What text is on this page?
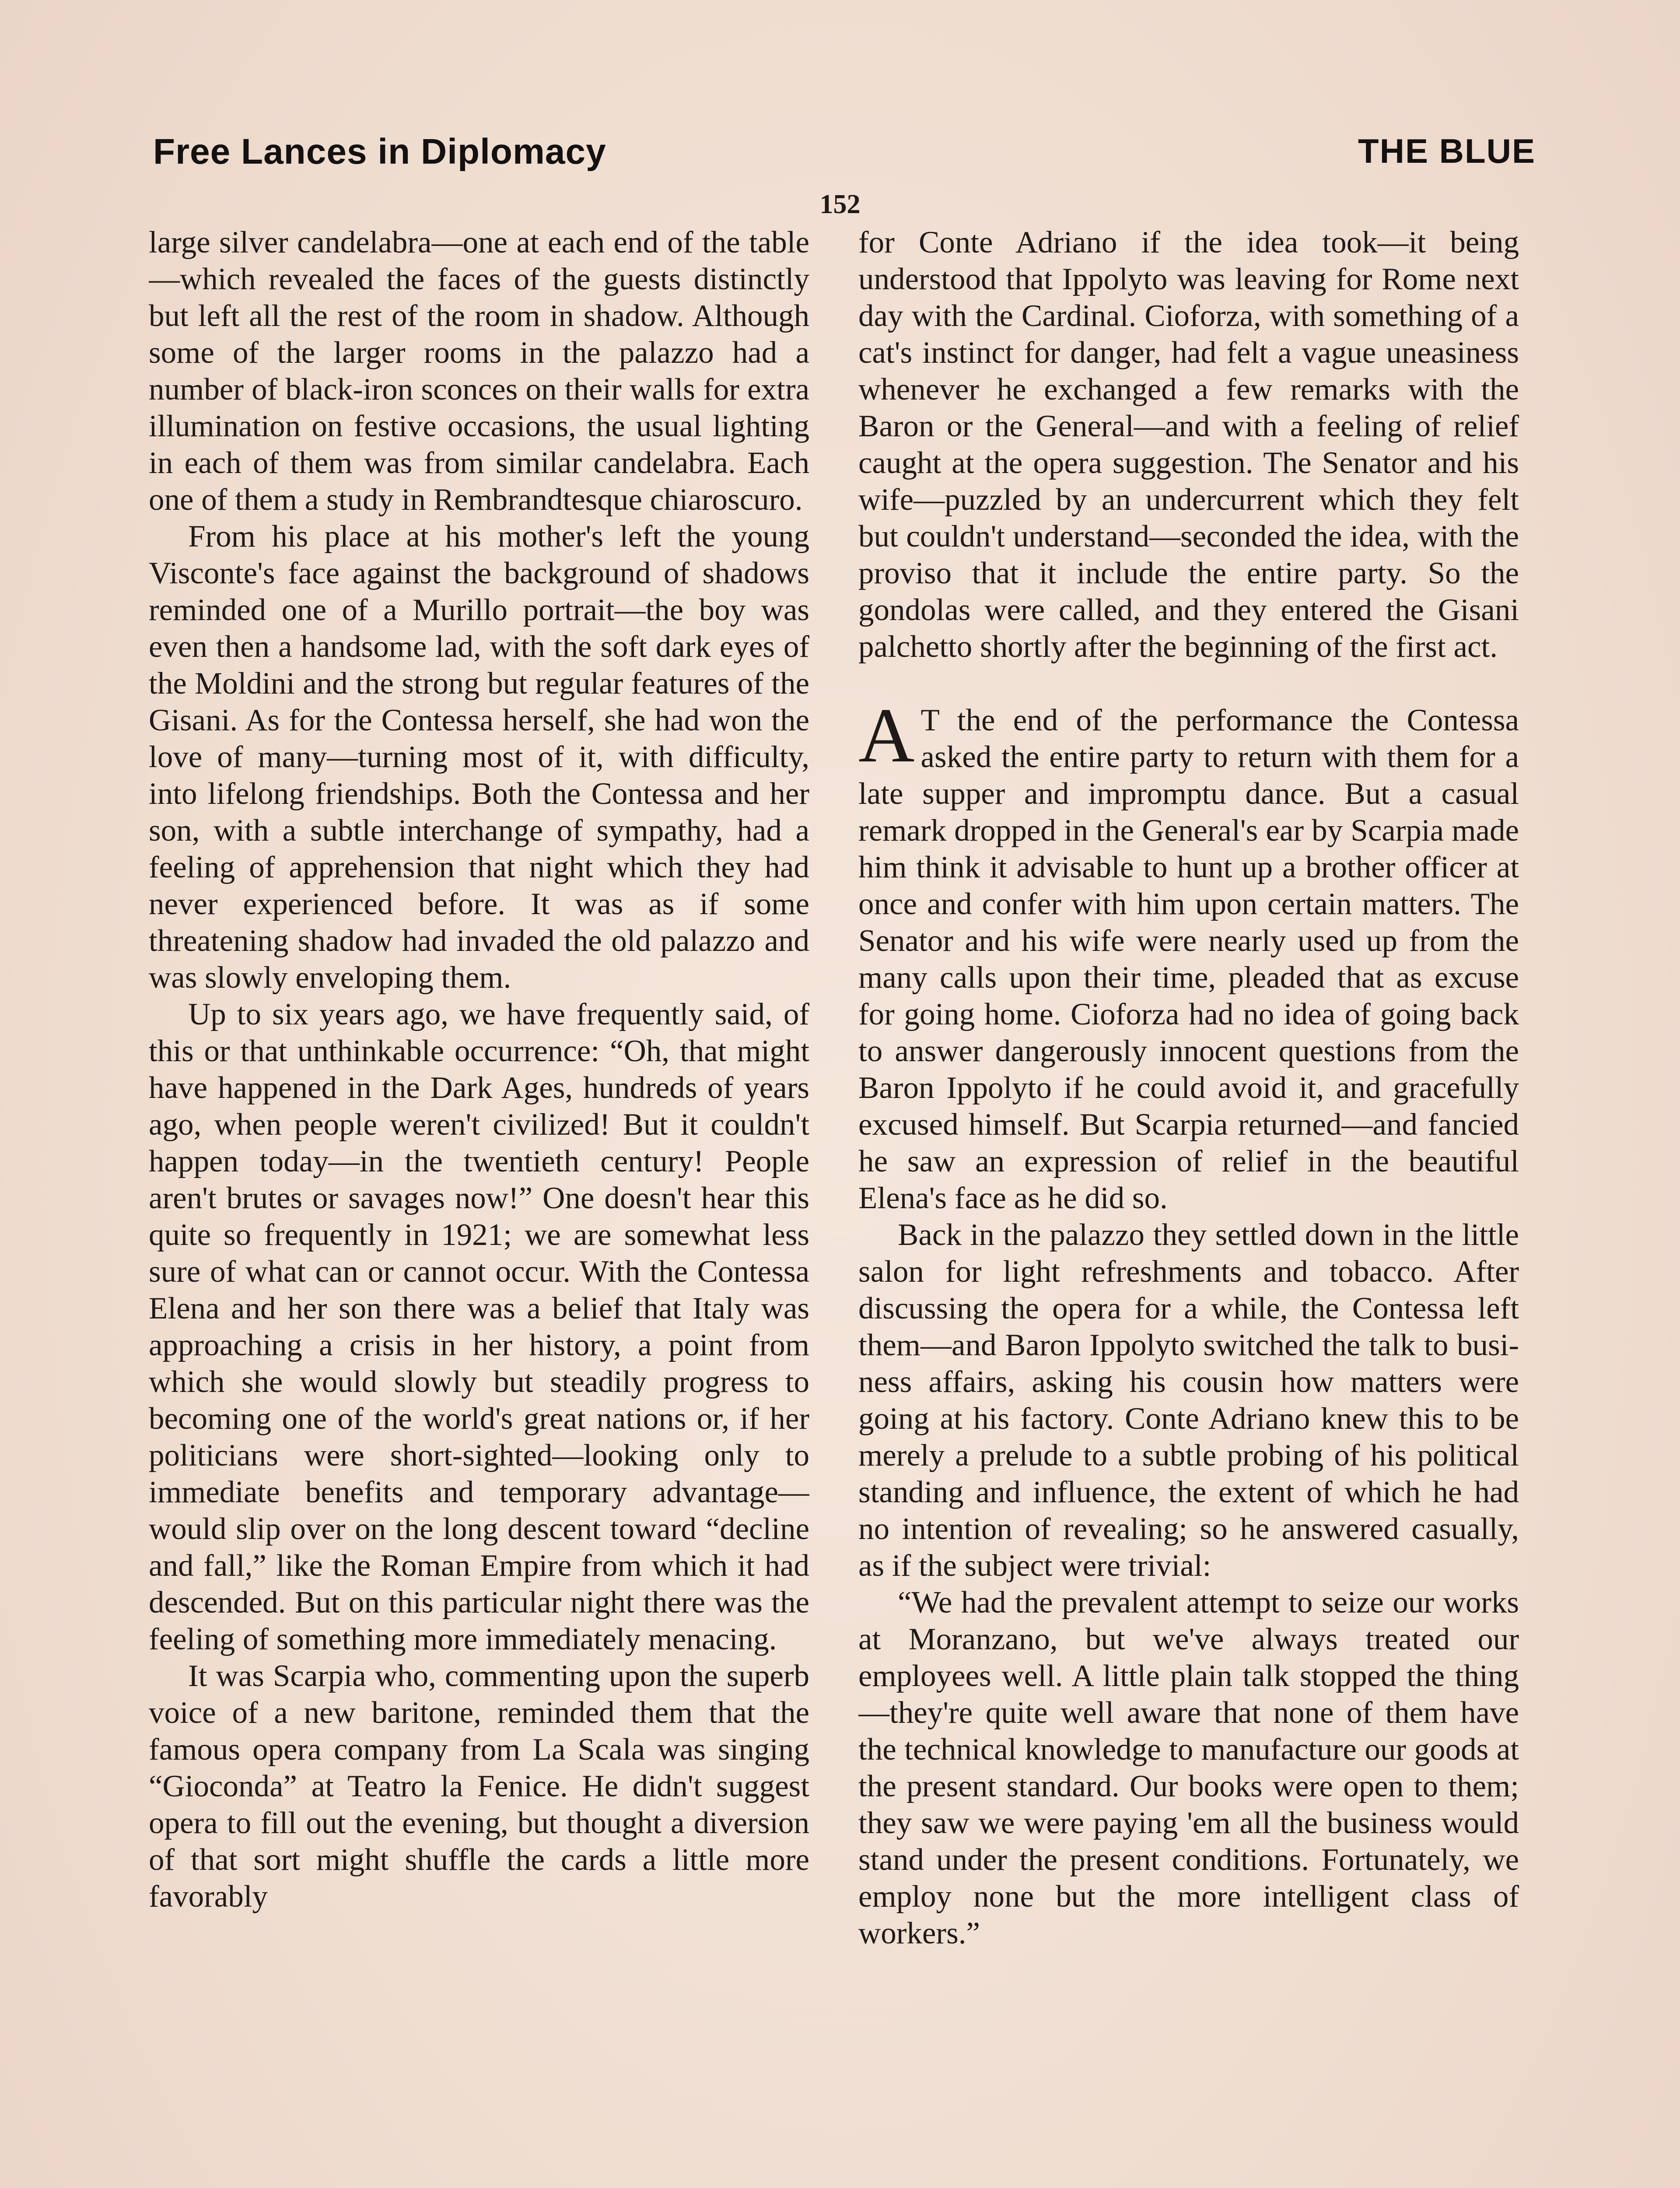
Free Lances in Diplomacy	THE BLUE
152

large silver candelabra—one at each end of the table—which revealed the faces of the guests distinctly but left all the rest of the room in shadow. Although some of the larger rooms in the palazzo had a number of black-iron sconces on their walls for extra illumination on festive occasions, the usual lighting in each of them was from similar candelabra. Each one of them a study in Rembrandtesque chiaroscuro.

From his place at his mother's left the young Visconte's face against the background of shadows reminded one of a Murillo portrait—the boy was even then a handsome lad, with the soft dark eyes of the Moldini and the strong but regular features of the Gisani. As for the Contessa herself, she had won the love of many—turning most of it, with difficulty, into lifelong friendships. Both the Contessa and her son, with a subtle interchange of sympathy, had a feeling of apprehension that night which they had never experienced before. It was as if some threatening shadow had invaded the old palazzo and was slowly enveloping them.

Up to six years ago, we have frequently said, of this or that unthinkable occurrence: “Oh, that might have happened in the Dark Ages, hundreds of years ago, when people weren't civilized! But it couldn't happen today—in the twentieth century! People aren't brutes or savages now!” One doesn't hear this quite so frequently in 1921; we are somewhat less sure of what can or cannot occur. With the Contessa Elena and her son there was a belief that Italy was approaching a crisis in her history, a point from which she would slowly but steadily progress to becoming one of the world's great nations or, if her politicians were short-sighted—looking only to immediate benefits and temporary advantage—would slip over on the long descent toward “decline and fall,” like the Roman Empire from which it had descended. But on this particular night there was the feeling of something more immediately menacing.

It was Scarpia who, commenting upon the superb voice of a new baritone, reminded them that the famous opera company from La Scala was singing “Gioconda” at Teatro la Fenice. He didn't suggest opera to fill out the evening, but thought a diversion of that sort might shuffle the cards a little more favorably

for Conte Adriano if the idea took—it being understood that Ippolyto was leaving for Rome next day with the Cardinal. Cioforza, with something of a cat's instinct for danger, had felt a vague uneasiness whenever he exchanged a few remarks with the Baron or the General—and with a feeling of relief caught at the opera suggestion. The Senator and his wife—puzzled by an undercurrent which they felt but couldn't understand—seconded the idea, with the proviso that it include the entire party. So the gondolas were called, and they entered the Gisani palchetto shortly after the beginning of the first act.

A T the end of the performance the Contessa asked the entire party to return with them for a late supper and impromptu dance. But a casual remark dropped in the General's ear by Scarpia made him think it advisable to hunt up a brother officer at once and confer with him upon certain matters. The Senator and his wife were nearly used up from the many calls upon their time, pleaded that as excuse for going home. Cioforza had no idea of going back to answer dangerously innocent questions from the Baron Ippolyto if he could avoid it, and gracefully excused himself. But Scarpia returned—and fancied he saw an expression of relief in the beautiful Elena's face as he did so.

Back in the palazzo they settled down in the little salon for light refreshments and tobacco. After discussing the opera for a while, the Contessa left them—and Baron Ippolyto switched the talk to business affairs, asking his cousin how matters were going at his factory. Conte Adriano knew this to be merely a prelude to a subtle probing of his political standing and influence, the extent of which he had no intention of revealing; so he answered casually, as if the subject were trivial:

“We had the prevalent attempt to seize our works at Moranzano, but we've always treated our employees well. A little plain talk stopped the thing—they're quite well aware that none of them have the technical knowledge to manufacture our goods at the present standard. Our books were open to them; they saw we were paying 'em all the business would stand under the present conditions. Fortunately, we employ none but the more intelligent class of workers.”
